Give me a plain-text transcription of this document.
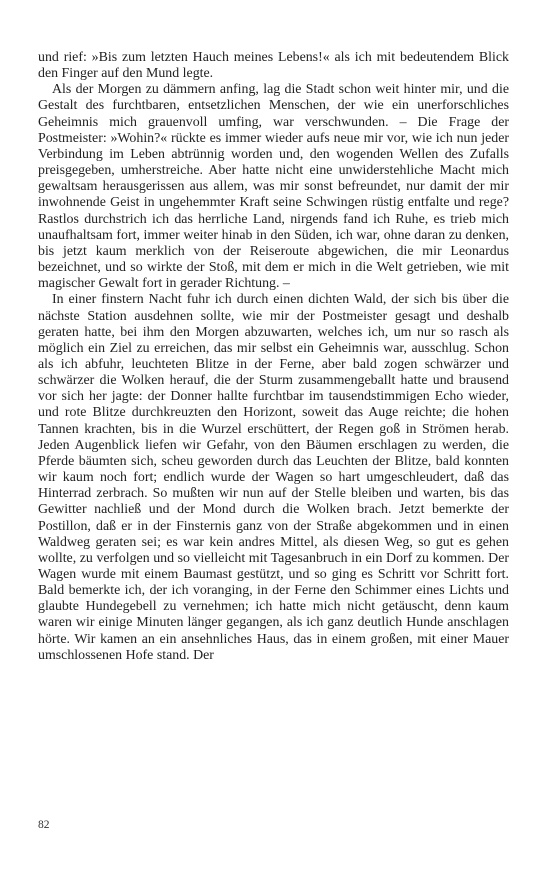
und rief: »Bis zum letzten Hauch meines Lebens!« als ich mit bedeutendem Blick den Finger auf den Mund legte.

Als der Morgen zu dämmern anfing, lag die Stadt schon weit hinter mir, und die Gestalt des furchtbaren, entsetzlichen Menschen, der wie ein unerforschliches Geheimnis mich grauenvoll umfing, war verschwunden. – Die Frage der Postmeister: »Wohin?« rückte es immer wieder aufs neue mir vor, wie ich nun jeder Verbindung im Leben abtrünnig worden und, den wogenden Wellen des Zufalls preisgegeben, umherstreiche. Aber hatte nicht eine unwiderstehliche Macht mich gewaltsam herausgerissen aus allem, was mir sonst befreundet, nur damit der mir inwohnende Geist in ungehemmter Kraft seine Schwingen rüstig entfalte und rege? Rastlos durchstrich ich das herrliche Land, nirgends fand ich Ruhe, es trieb mich unaufhaltsam fort, immer weiter hinab in den Süden, ich war, ohne daran zu denken, bis jetzt kaum merklich von der Reiseroute abgewichen, die mir Leonardus bezeichnet, und so wirkte der Stoß, mit dem er mich in die Welt getrieben, wie mit magischer Gewalt fort in gerader Richtung. –

In einer finstern Nacht fuhr ich durch einen dichten Wald, der sich bis über die nächste Station ausdehnen sollte, wie mir der Postmeister gesagt und deshalb geraten hatte, bei ihm den Morgen abzuwarten, welches ich, um nur so rasch als möglich ein Ziel zu erreichen, das mir selbst ein Geheimnis war, ausschlug. Schon als ich abfuhr, leuchteten Blitze in der Ferne, aber bald zogen schwärzer und schwärzer die Wolken herauf, die der Sturm zusammengeballt hatte und brausend vor sich her jagte: der Donner hallte furchtbar im tausendstimmigen Echo wieder, und rote Blitze durchkreuzten den Horizont, soweit das Auge reichte; die hohen Tannen krachten, bis in die Wurzel erschüttert, der Regen goß in Strömen herab. Jeden Augenblick liefen wir Gefahr, von den Bäumen erschlagen zu werden, die Pferde bäumten sich, scheu geworden durch das Leuchten der Blitze, bald konnten wir kaum noch fort; endlich wurde der Wagen so hart umgeschleudert, daß das Hinterrad zerbrach. So mußten wir nun auf der Stelle bleiben und warten, bis das Gewitter nachließ und der Mond durch die Wolken brach. Jetzt bemerkte der Postillon, daß er in der Finsternis ganz von der Straße abgekommen und in einen Waldweg geraten sei; es war kein andres Mittel, als diesen Weg, so gut es gehen wollte, zu verfolgen und so vielleicht mit Tagesanbruch in ein Dorf zu kommen. Der Wagen wurde mit einem Baumast gestützt, und so ging es Schritt vor Schritt fort. Bald bemerkte ich, der ich voranging, in der Ferne den Schimmer eines Lichts und glaubte Hundegebell zu vernehmen; ich hatte mich nicht getäuscht, denn kaum waren wir einige Minuten länger gegangen, als ich ganz deutlich Hunde anschlagen hörte. Wir kamen an ein ansehnliches Haus, das in einem großen, mit einer Mauer umschlossenen Hofe stand. Der

82
